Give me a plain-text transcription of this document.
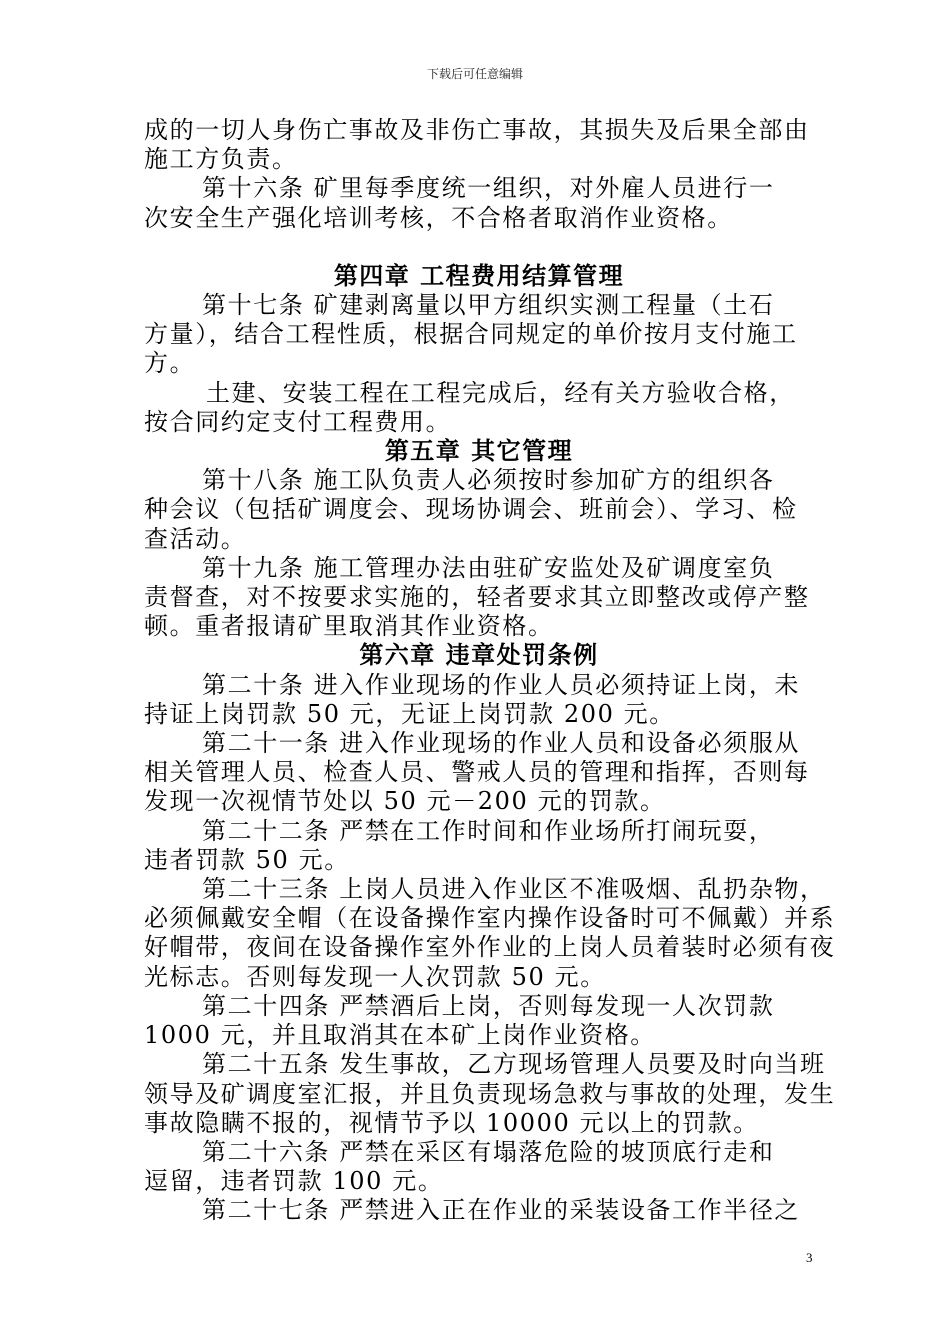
下载后可任意编辑
成的一切人身伤亡事故及非伤亡事故，其损失及后果全部由
施工方负责。
第十六条 矿里每季度统一组织，对外雇人员进行一
次安全生产强化培训考核，不合格者取消作业资格。
第四章 工程费用结算管理
第十七条 矿建剥离量以甲方组织实测工程量（土石
方量），结合工程性质，根据合同规定的单价按月支付施工
方。
土建、安装工程在工程完成后，经有关方验收合格，
按合同约定支付工程费用。
第五章 其它管理
第十八条 施工队负责人必须按时参加矿方的组织各
种会议（包括矿调度会、现场协调会、班前会）、学习、检
查活动。
第十九条 施工管理办法由驻矿安监处及矿调度室负
责督查，对不按要求实施的，轻者要求其立即整改或停产整
顿。重者报请矿里取消其作业资格。
第六章 违章处罚条例
第二十条 进入作业现场的作业人员必须持证上岗，未
持证上岗罚款 50 元，无证上岗罚款 200 元。
第二十一条 进入作业现场的作业人员和设备必须服从
相关管理人员、检查人员、警戒人员的管理和指挥，否则每
发现一次视情节处以 50 元－200 元的罚款。
第二十二条 严禁在工作时间和作业场所打闹玩耍，
违者罚款 50 元。
第二十三条 上岗人员进入作业区不准吸烟、乱扔杂物，
必须佩戴安全帽（在设备操作室内操作设备时可不佩戴）并系
好帽带，夜间在设备操作室外作业的上岗人员着装时必须有夜
光标志。否则每发现一人次罚款 50 元。
第二十四条 严禁酒后上岗，否则每发现一人次罚款
1000 元，并且取消其在本矿上岗作业资格。
第二十五条 发生事故，乙方现场管理人员要及时向当班
领导及矿调度室汇报，并且负责现场急救与事故的处理，发生
事故隐瞒不报的，视情节予以 10000 元以上的罚款。
第二十六条 严禁在采区有塌落危险的坡顶底行走和
逗留，违者罚款 100 元。
第二十七条 严禁进入正在作业的采装设备工作半径之
3
